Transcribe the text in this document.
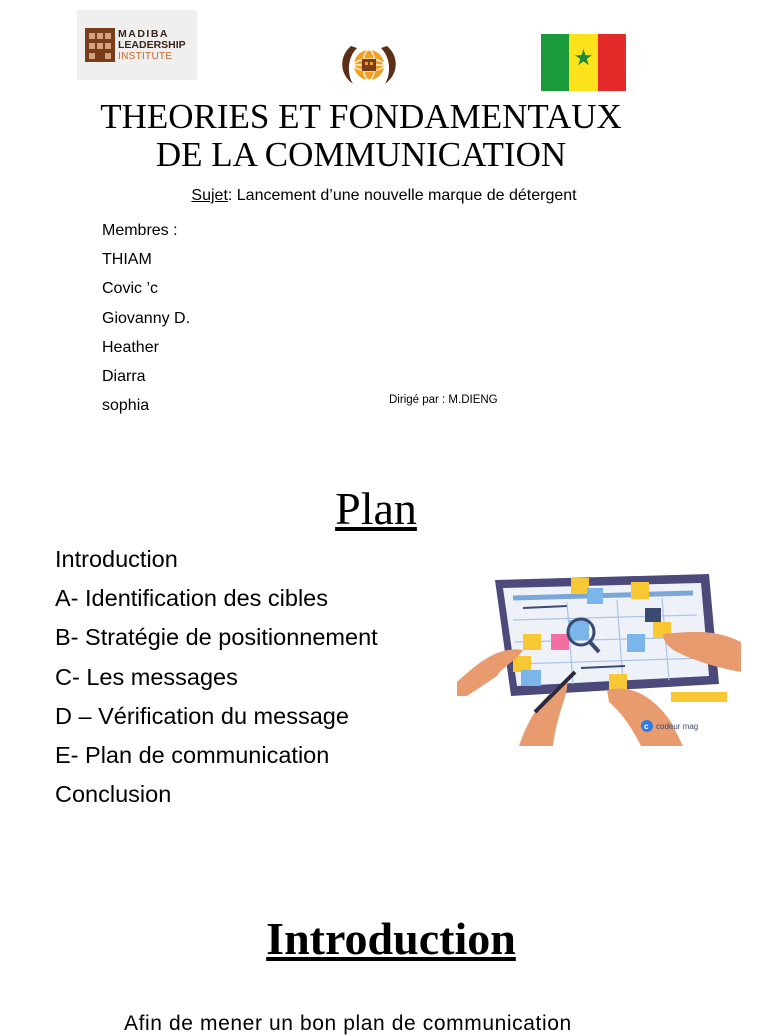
MADIBA
LEADERSHIP
INSTITUTE	★
THEORIES ET FONDAMENTAUX
DE LA COMMUNICATION
Sujet: Lancement d’une nouvelle marque de détergent
Membres :
THIAM
Covic ’c
Giovanny D.
Heather
Diarra
sophia	Dirigé par : M.DIENG
Plan
Introduction
A- Identification des cibles
B- Stratégie de positionnement
C- Les messages
D – Vérification du message
E- Plan de communication
Conclusion
c codeur mag
Introduction
Afin de mener un bon plan de communication
